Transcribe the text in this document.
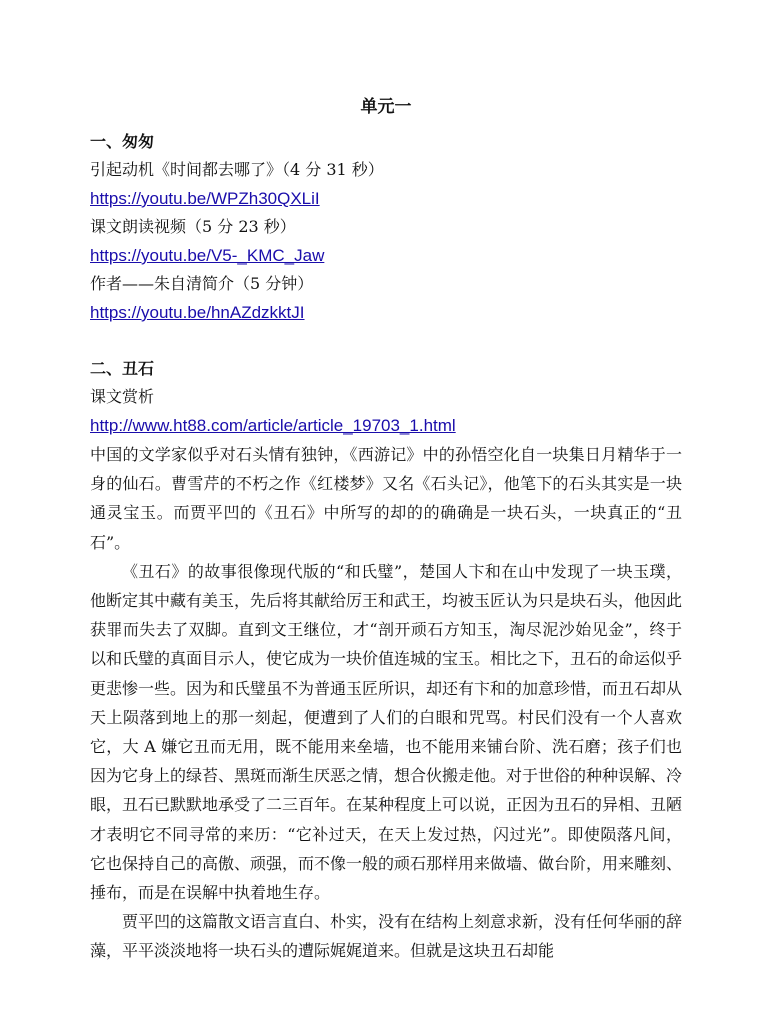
单元一
一、匆匆
引起动机《时间都去哪了》（4 分 31 秒）
https://youtu.be/WPZh30QXLiI
课文朗读视频（5 分 23 秒）
https://youtu.be/V5-_KMC_Jaw
作者——朱自清简介（5 分钟）
https://youtu.be/hnAZdzkktJI
二、丑石
课文赏析
http://www.ht88.com/article/article_19703_1.html

中国的文学家似乎对石头情有独钟，《西游记》中的孙悟空化自一块集日月精华于一身的仙石。曹雪芹的不朽之作《红楼梦》又名《石头记》，他笔下的石头其实是一块通灵宝玉。而贾平凹的《丑石》中所写的却的的确确是一块石头，一块真正的“丑石”。

《丑石》的故事很像现代版的“和氏璧”，楚国人卞和在山中发现了一块玉璞，他断定其中藏有美玉，先后将其献给厉王和武王，均被玉匠认为只是块石头，他因此获罪而失去了双脚。直到文王继位，才“剖开顽石方知玉，淘尽泥沙始见金”，终于以和氏璧的真面目示人，使它成为一块价值连城的宝玉。相比之下，丑石的命运似乎更悲惨一些。因为和氏璧虽不为普通玉匠所识，却还有卞和的加意珍惜，而丑石却从天上陨落到地上的那一刻起，便遭到了人们的白眼和咒骂。村民们没有一个人喜欢它，大 A 嫌它丑而无用，既不能用来垒墙，也不能用来铺台阶、洗石磨；孩子们也因为它身上的绿苔、黑斑而渐生厌恶之情，想合伙搬走他。对于世俗的种种误解、冷眼，丑石已默默地承受了二三百年。在某种程度上可以说，正因为丑石的异相、丑陋才表明它不同寻常的来历：“它补过天，在天上发过热，闪过光”。即使陨落凡间，它也保持自己的高傲、顽强，而不像一般的顽石那样用来做墙、做台阶，用来雕刻、捶布，而是在误解中执着地生存。

贾平凹的这篇散文语言直白、朴实，没有在结构上刻意求新，没有任何华丽的辞藻，平平淡淡地将一块石头的遭际娓娓道来。但就是这块丑石却能
